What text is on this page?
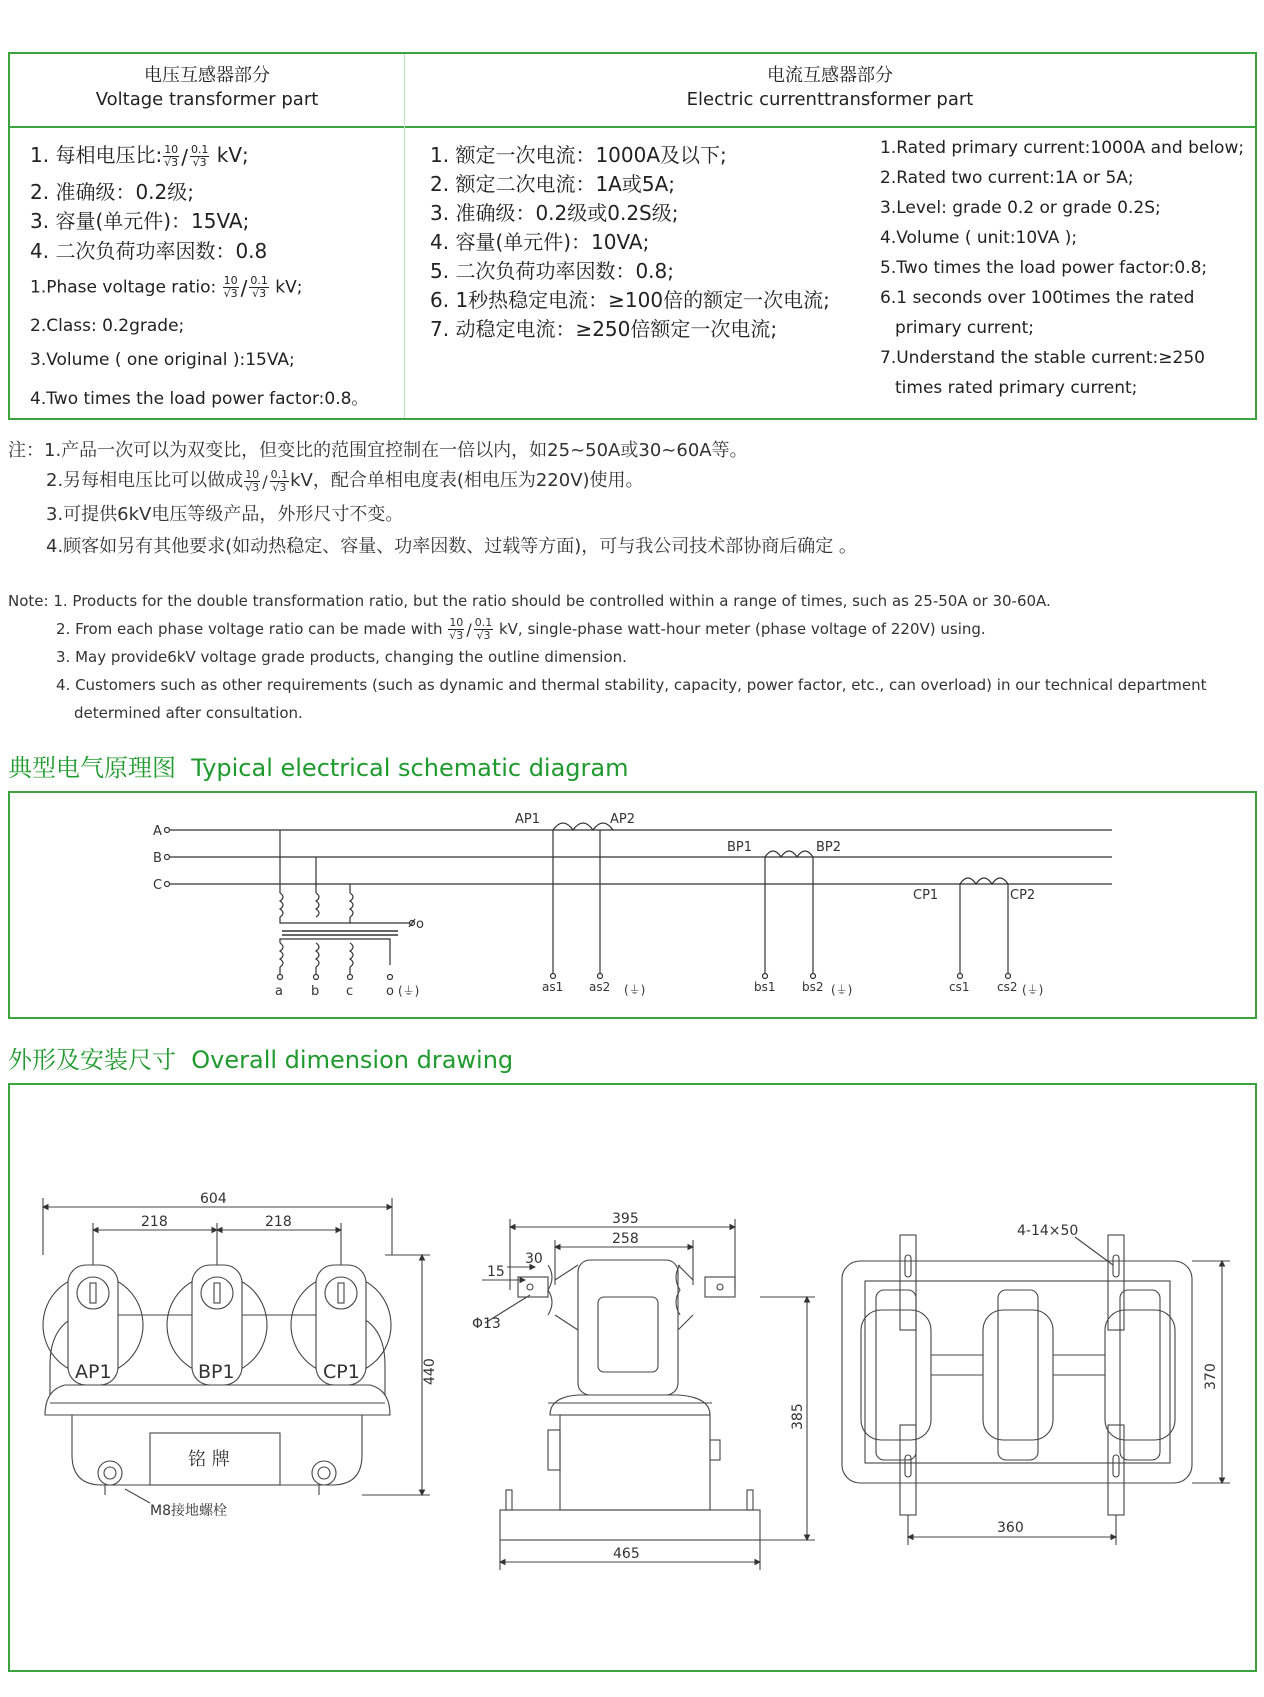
电压互感器部分
Voltage transformer part
电流互感器部分
Electric currenttransformer part
1. 每相电压比: $\frac{10}{√3} / \frac{0.1}{√3}$ kV;
2. 准确级：0.2级;
3. 容量(单元件)：15VA;
4. 二次负荷功率因数：0.8
1.Phase voltage ratio: $\frac{10}{√3} / \frac{0.1}{√3}$ kV;
2.Class: 0.2grade;
3.Volume ( one original ):15VA;
4.Two times the load power factor:0.8。
1. 额定一次电流：1000A及以下;
2. 额定二次电流：1A或5A;
3. 准确级：0.2级或0.2S级;
4. 容量(单元件)：10VA;
5. 二次负荷功率因数：0.8;
6. 1秒热稳定电流：≥100倍的额定一次电流;
7. 动稳定电流：≥250倍额定一次电流;
1.Rated primary current:1000A and below;
2.Rated two current:1A or 5A;
3.Level: grade 0.2 or grade 0.2S;
4.Volume ( unit:10VA );
5.Two times the load power factor:0.8;
6.1 seconds over 100times the rated
primary current;
7.Understand the stable current:≥250
times rated primary current;
注：1.产品一次可以为双变比，但变比的范围宜控制在一倍以内，如25~50A或30~60A等。
2.另每相电压比可以做成 $\frac{10}{√3} / \frac{0.1}{√3}$ kV，配合单相电度表(相电压为220V)使用。
3.可提供6kV电压等级产品，外形尺寸不变。
4.顾客如另有其他要求(如动热稳定、容量、功率因数、过载等方面)，可与我公司技术部协商后确定 。
Note: 1. Products for the double transformation ratio, but the ratio should be controlled within a range of times, such as 25-50A or 30-60A.
2. From each phase voltage ratio can be made with $\frac{10}{√3} / \frac{0.1}{√3}$ kV, single-phase watt-hour meter (phase voltage of 220V) using.
3. May provide6kV voltage grade products, changing the outline dimension.
4. Customers such as other requirements (such as dynamic and thermal stability, capacity, power factor, etc., can overload) in our technical department
determined after consultation.
典型电气原理图 Typical electrical schematic diagram
A
B
C
o
a b c	o (⏚)
AP1	AP2
BP1	BP2
CP1	CP2
as1 as2 (⏚)	bs1 bs2 (⏚)	cs1 cs2 (⏚)
外形及安装尺寸 Overall dimension drawing
604
218	218
AP1	BP1	CP1
铭 牌
M8接地螺栓
440
395
258
30
15
Φ13
385
465
4-14×50
370
360
